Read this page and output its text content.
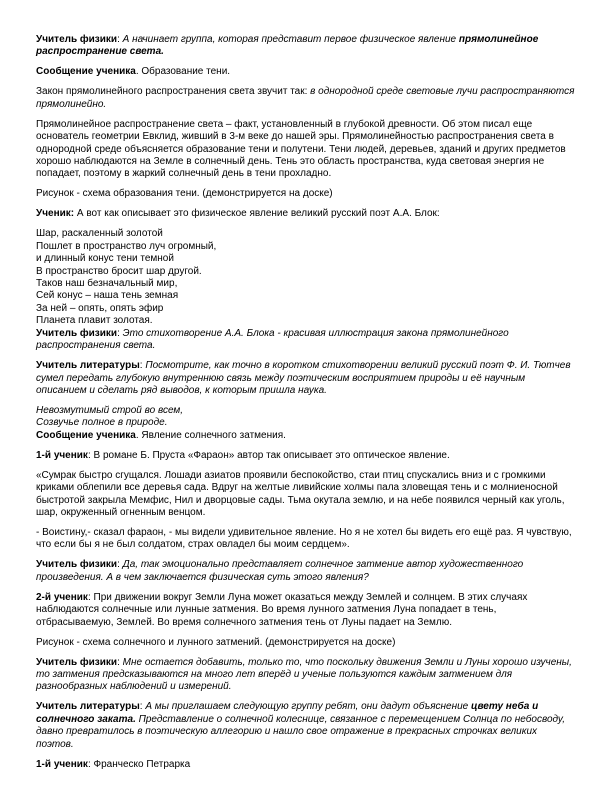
Учитель физики: А начинает группа, которая представит первое физическое явление прямолинейное распространение света.

Сообщение ученика. Образование тени.

Закон прямолинейного распространения света звучит так: в однородной среде световые лучи распространяются прямолинейно.

Прямолинейное распространение света – факт, установленный в глубокой древности. Об этом писал еще основатель геометрии Евклид, живший в 3-м веке до нашей эры. Прямолинейностью распространения света в однородной среде объясняется образование тени и полутени. Тени людей, деревьев, зданий и других предметов хорошо наблюдаются на Земле в солнечный день. Тень это область пространства, куда световая энергия не попадает, поэтому в жаркий солнечный день в тени прохладно.

Рисунок - схема образования тени. (демонстрируется на доске)

Ученик: А вот как описывает это физическое явление великий русский поэт А.А. Блок:

Шар, раскаленный золотой

Пошлет в пространство луч огромный,

и длинный конус тени темной

В пространство бросит шар другой.

Таков наш безначальный мир,

Сей конус – наша тень земная

За ней – опять, опять эфир

Планета плавит золотая.

Учитель физики: Это стихотворение А.А. Блока - красивая иллюстрация закона прямолинейного распространения света.

Учитель литературы: Посмотрите, как точно в коротком стихотворении великий русский поэт Ф. И. Тютчев сумел передать глубокую внутреннюю связь между поэтическим восприятием природы и её научным описанием и сделать ряд выводов, к которым пришла наука.

Невозмутимый строй во всем,

Созвучье полное в природе.

Сообщение ученика. Явление солнечного затмения.

1-й ученик: В романе Б. Пруста «Фараон» автор так описывает это оптическое явление.

«Сумрак быстро сгущался. Лошади азиатов проявили беспокойство, стаи птиц спускались вниз и с громкими криками облепили все деревья сада. Вдруг на желтые ливийские холмы пала зловещая тень и с молниеносной быстротой закрыла Мемфис, Нил и дворцовые сады. Тьма окутала землю, и на небе появился черный как уголь, шар, окруженный огненным венцом.

- Воистину,- сказал фараон, - мы видели удивительное явление. Но я не хотел бы видеть его ещё раз. Я чувствую, что если бы я не был солдатом, страх овладел бы моим сердцем».

Учитель физики: Да, так эмоционально представляет солнечное затмение автор художественного произведения. А в чем заключается физическая суть этого явления?

2-й ученик: При движении вокруг Земли Луна может оказаться между Землей и солнцем. В этих случаях наблюдаются солнечные или лунные затмения. Во время лунного затмения Луна попадает в тень, отбрасываемую, Землей. Во время солнечного затмения тень от Луны падает на Землю.

Рисунок - схема солнечного и лунного затмений. (демонстрируется на доске)

Учитель физики: Мне остается добавить, только то, что поскольку движения Земли и Луны хорошо изучены, то затмения предсказываются на много лет вперёд и ученые пользуются каждым затмением для разнообразных наблюдений и измерений.

Учитель литературы: А мы приглашаем следующую группу ребят, они дадут объяснение цвету неба и солнечного заката. Представление о солнечной колеснице, связанное с перемещением Солнца по небосводу, давно превратилось в поэтическую аллегорию и нашло свое отражение в прекрасных строчках великих поэтов.

1-й ученик: Франческо Петрарка
